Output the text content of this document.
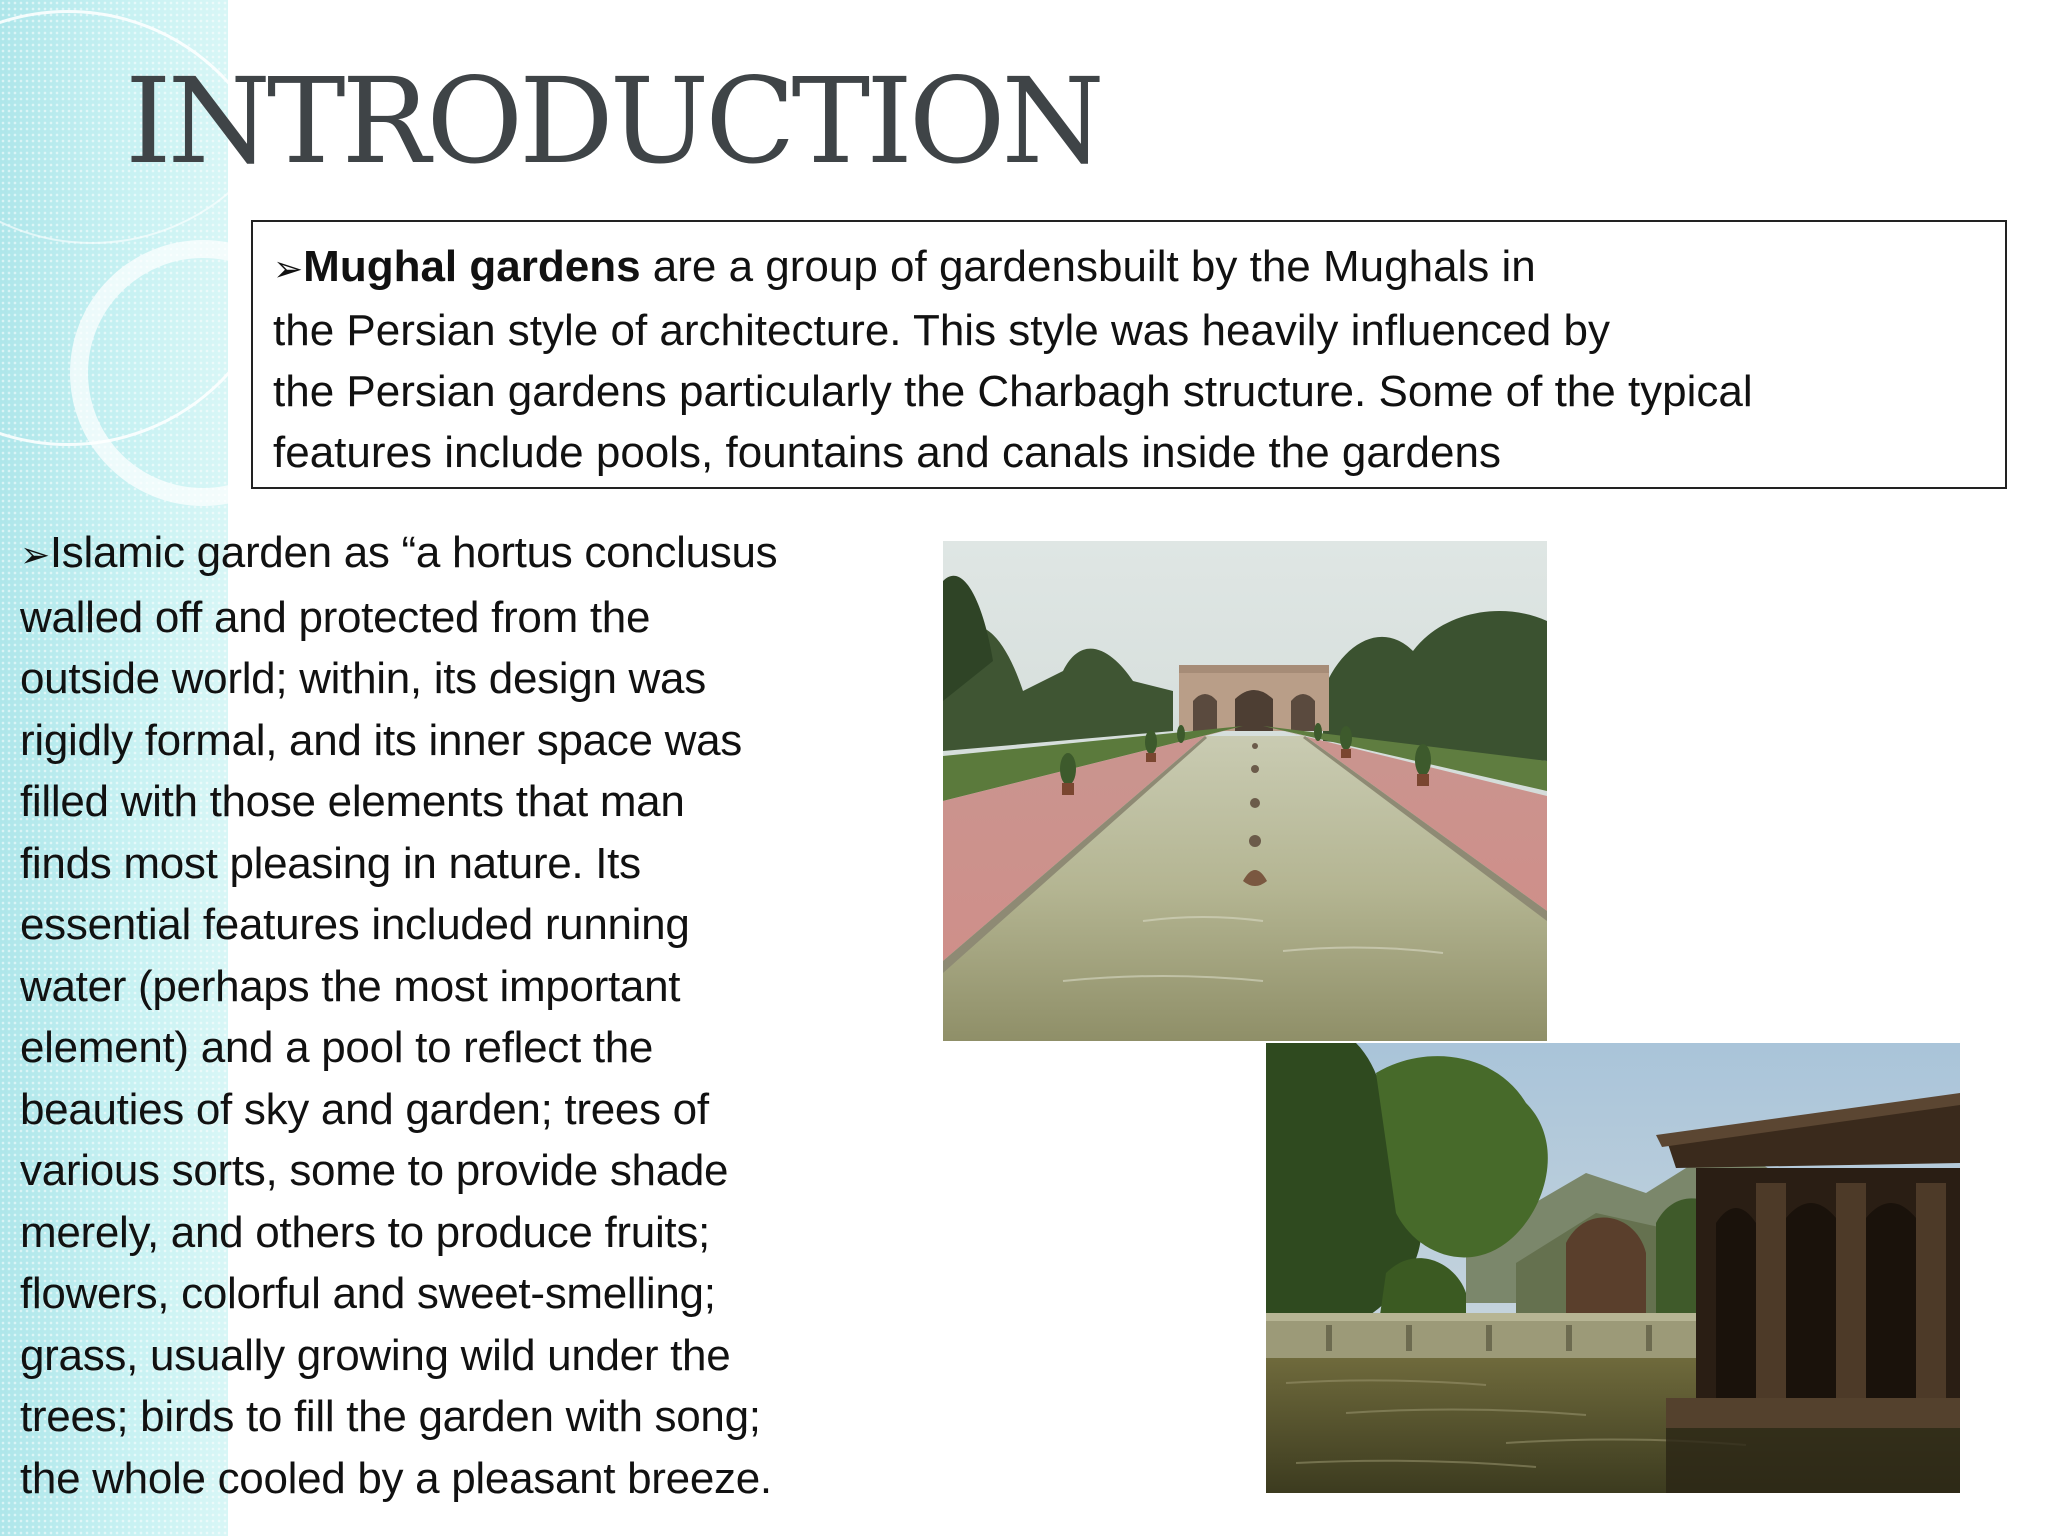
INTRODUCTION
➢Mughal gardens are a group of gardensbuilt by the Mughals in
the Persian style of architecture. This style was heavily influenced by
the Persian gardens particularly the Charbagh structure. Some of the typical
features include pools, fountains and canals inside the gardens
➢Islamic garden as “a hortus conclusus
walled off and protected from the
outside world; within, its design was
rigidly formal, and its inner space was
filled with those elements that man
finds most pleasing in nature. Its
essential features included running
water (perhaps the most important
element) and a pool to reflect the
beauties of sky and garden; trees of
various sorts, some to provide shade
merely, and others to produce fruits;
flowers, colorful and sweet-smelling;
grass, usually growing wild under the
trees; birds to fill the garden with song;
the whole cooled by a pleasant breeze.
